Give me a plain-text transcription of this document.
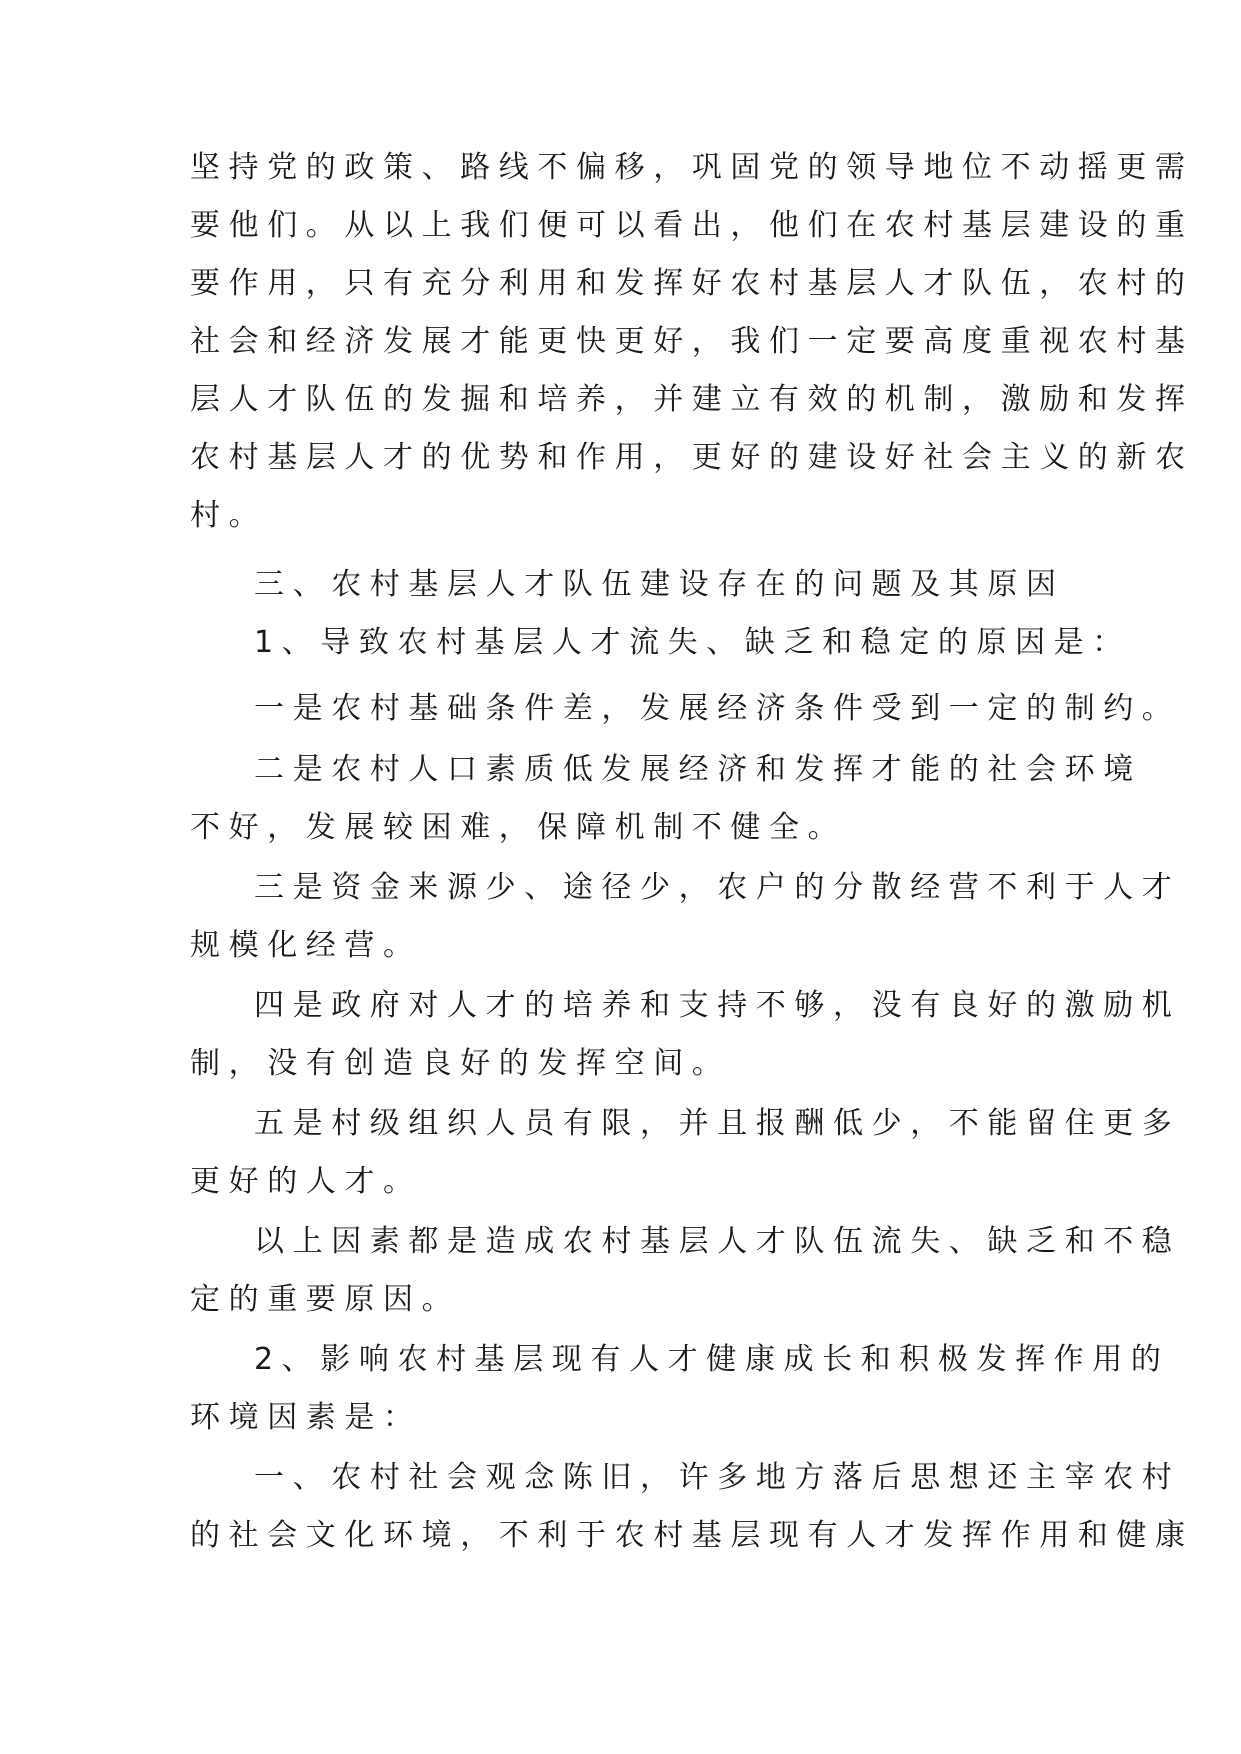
坚持党的政策、路线不偏移，巩固党的领导地位不动摇更需
要他们。从以上我们便可以看出，他们在农村基层建设的重
要作用，只有充分利用和发挥好农村基层人才队伍，农村的
社会和经济发展才能更快更好，我们一定要高度重视农村基
层人才队伍的发掘和培养，并建立有效的机制，激励和发挥
农村基层人才的优势和作用，更好的建设好社会主义的新农
村。
三、农村基层人才队伍建设存在的问题及其原因
1、导致农村基层人才流失、缺乏和稳定的原因是：
一是农村基础条件差，发展经济条件受到一定的制约。
二是农村人口素质低发展经济和发挥才能的社会环境
不好，发展较困难，保障机制不健全。
三是资金来源少、途径少，农户的分散经营不利于人才
规模化经营。
四是政府对人才的培养和支持不够，没有良好的激励机
制，没有创造良好的发挥空间。
五是村级组织人员有限，并且报酬低少，不能留住更多
更好的人才。
以上因素都是造成农村基层人才队伍流失、缺乏和不稳
定的重要原因。
2、影响农村基层现有人才健康成长和积极发挥作用的
环境因素是：
一、农村社会观念陈旧，许多地方落后思想还主宰农村
的社会文化环境，不利于农村基层现有人才发挥作用和健康
